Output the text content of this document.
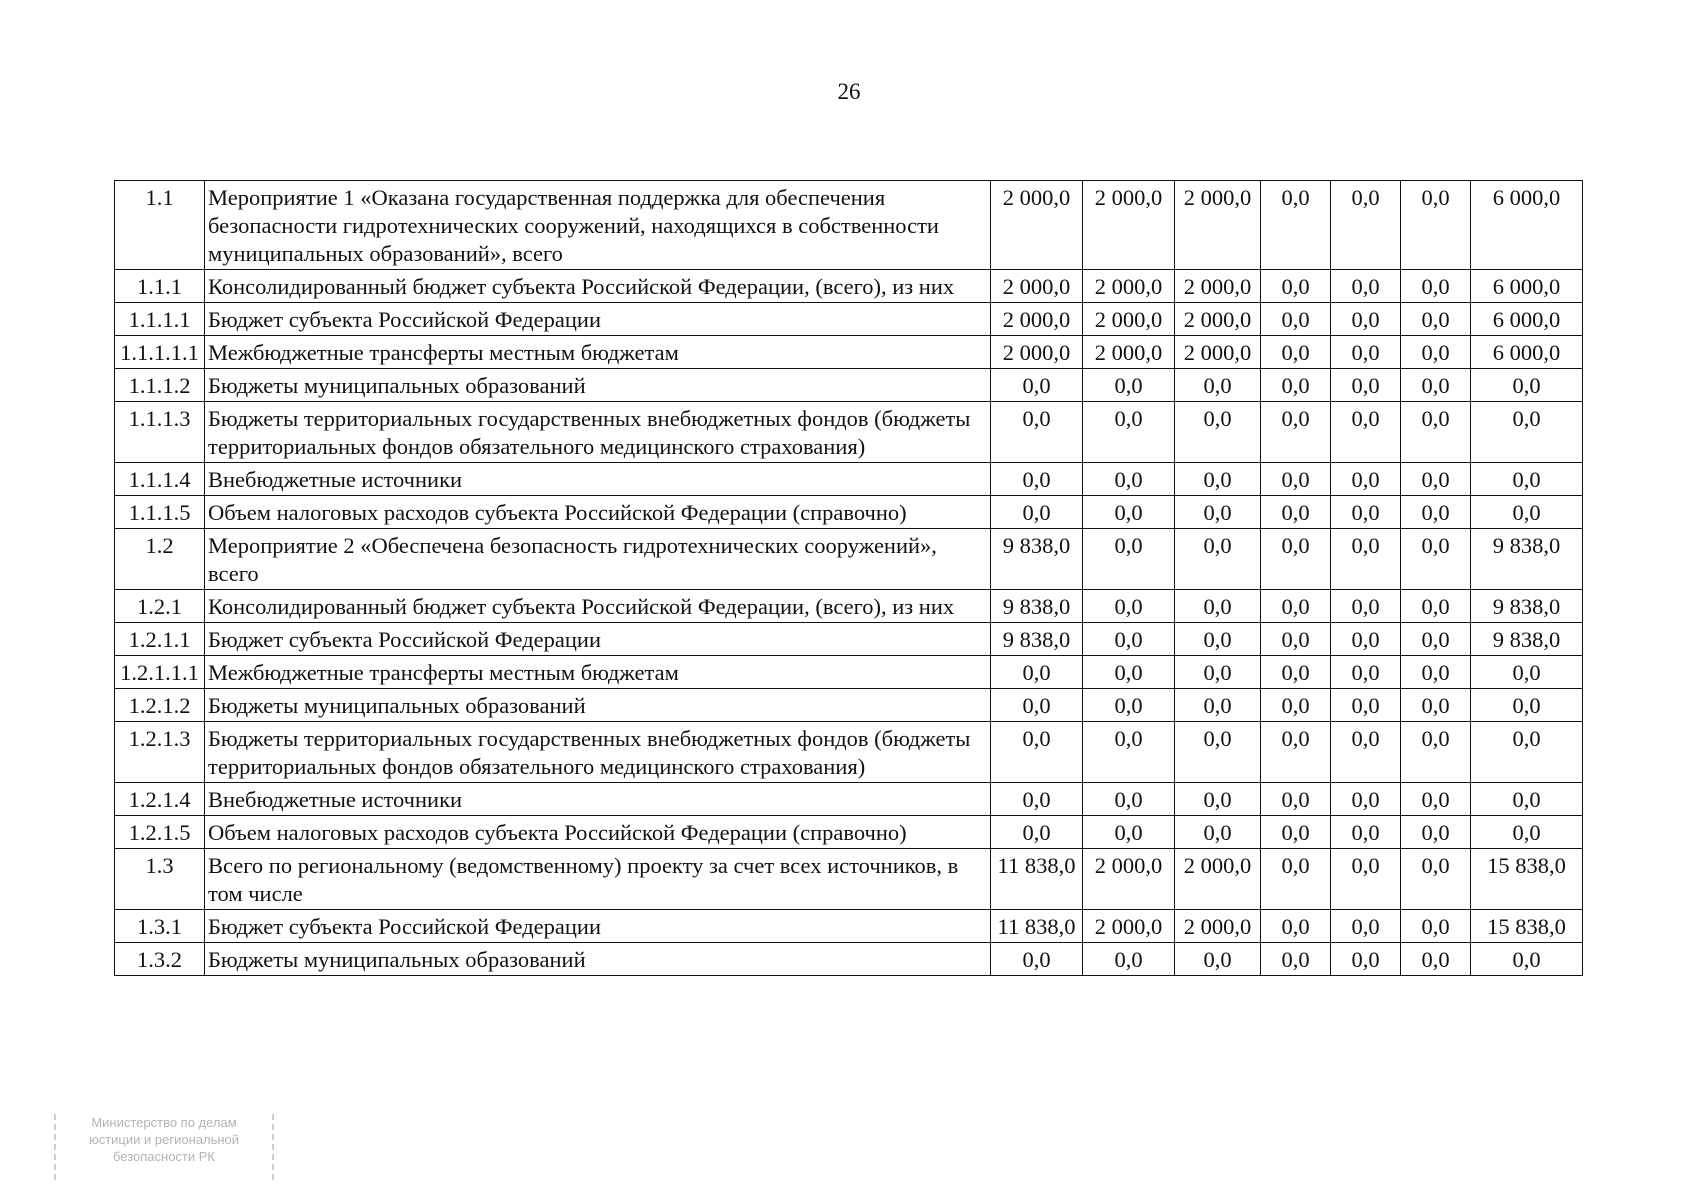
26
1.1	Мероприятие 1 «Оказана государственная поддержка для обеспечения безопасности гидротехнических сооружений, находящихся в собственности муниципальных образований», всего	2 000,0	2 000,0	2 000,0	0,0	0,0	0,0	6 000,0
1.1.1	Консолидированный бюджет субъекта Российской Федерации, (всего), из них	2 000,0	2 000,0	2 000,0	0,0	0,0	0,0	6 000,0
1.1.1.1	Бюджет субъекта Российской Федерации	2 000,0	2 000,0	2 000,0	0,0	0,0	0,0	6 000,0
1.1.1.1.1	Межбюджетные трансферты местным бюджетам	2 000,0	2 000,0	2 000,0	0,0	0,0	0,0	6 000,0
1.1.1.2	Бюджеты муниципальных образований	0,0	0,0	0,0	0,0	0,0	0,0	0,0
1.1.1.3	Бюджеты территориальных государственных внебюджетных фондов (бюджеты территориальных фондов обязательного медицинского страхования)	0,0	0,0	0,0	0,0	0,0	0,0	0,0
1.1.1.4	Внебюджетные источники	0,0	0,0	0,0	0,0	0,0	0,0	0,0
1.1.1.5	Объем налоговых расходов субъекта Российской Федерации (справочно)	0,0	0,0	0,0	0,0	0,0	0,0	0,0
1.2	Мероприятие 2 «Обеспечена безопасность гидротехнических сооружений», всего	9 838,0	0,0	0,0	0,0	0,0	0,0	9 838,0
1.2.1	Консолидированный бюджет субъекта Российской Федерации, (всего), из них	9 838,0	0,0	0,0	0,0	0,0	0,0	9 838,0
1.2.1.1	Бюджет субъекта Российской Федерации	9 838,0	0,0	0,0	0,0	0,0	0,0	9 838,0
1.2.1.1.1	Межбюджетные трансферты местным бюджетам	0,0	0,0	0,0	0,0	0,0	0,0	0,0
1.2.1.2	Бюджеты муниципальных образований	0,0	0,0	0,0	0,0	0,0	0,0	0,0
1.2.1.3	Бюджеты территориальных государственных внебюджетных фондов (бюджеты территориальных фондов обязательного медицинского страхования)	0,0	0,0	0,0	0,0	0,0	0,0	0,0
1.2.1.4	Внебюджетные источники	0,0	0,0	0,0	0,0	0,0	0,0	0,0
1.2.1.5	Объем налоговых расходов субъекта Российской Федерации (справочно)	0,0	0,0	0,0	0,0	0,0	0,0	0,0
1.3	Всего по региональному (ведомственному) проекту за счет всех источников, в том числе	11 838,0	2 000,0	2 000,0	0,0	0,0	0,0	15 838,0
1.3.1	Бюджет субъекта Российской Федерации	11 838,0	2 000,0	2 000,0	0,0	0,0	0,0	15 838,0
1.3.2	Бюджеты муниципальных образований	0,0	0,0	0,0	0,0	0,0	0,0	0,0
Министерство по делам
юстиции и региональной
безопасности РК
